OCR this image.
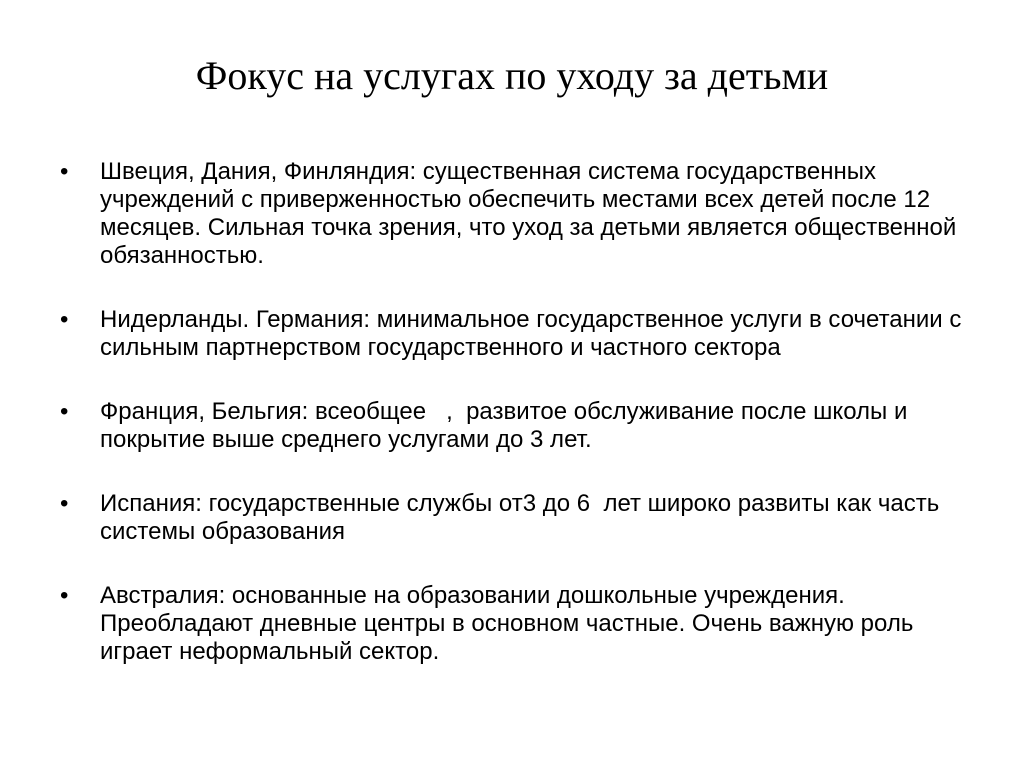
Фокус на услугах по уходу за детьми
• Швеция, Дания, Финляндия: существенная система государственных учреждений с приверженностью обеспечить местами всех детей после 12 месяцев. Сильная точка зрения, что уход за детьми является общественной обязанностью.
• Нидерланды. Германия: минимальное государственное услуги в сочетании с сильным партнерством государственного и частного сектора
• Франция, Бельгия: всеобщее   ,  развитое обслуживание после школы и покрытие выше среднего услугами до 3 лет.
• Испания: государственные службы от3 до 6  лет широко развиты как часть системы образования
• Австралия: основанные на образовании дошкольные учреждения. Преобладают дневные центры в основном частные. Очень важную роль играет неформальный сектор.
